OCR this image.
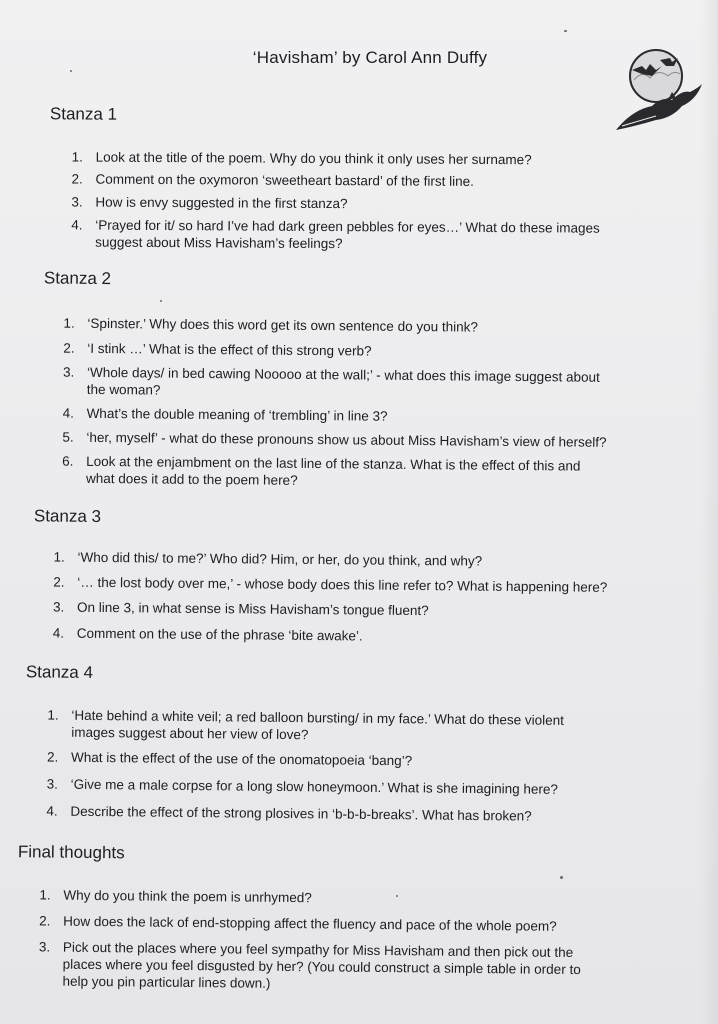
‘Havisham’ by Carol Ann Duffy
Stanza 1
1. Look at the title of the poem. Why do you think it only uses her surname?
2. Comment on the oxymoron ‘sweetheart bastard’ of the first line.
3. How is envy suggested in the first stanza?
4. ‘Prayed for it/ so hard I’ve had dark green pebbles for eyes…’ What do these images
suggest about Miss Havisham’s feelings?
Stanza 2
1. ‘Spinster.’ Why does this word get its own sentence do you think?
2. ‘I stink …’ What is the effect of this strong verb?
3. ‘Whole days/ in bed cawing Nooooo at the wall;’ - what does this image suggest about
the woman?
4. What’s the double meaning of ‘trembling’ in line 3?
5. ‘her, myself’ - what do these pronouns show us about Miss Havisham’s view of herself?
6. Look at the enjambment on the last line of the stanza. What is the effect of this and
what does it add to the poem here?
Stanza 3
1. ‘Who did this/ to me?’ Who did? Him, or her, do you think, and why?
2. ‘… the lost body over me,’ - whose body does this line refer to? What is happening here?
3. On line 3, in what sense is Miss Havisham’s tongue fluent?
4. Comment on the use of the phrase ‘bite awake’.
Stanza 4
1. ‘Hate behind a white veil; a red balloon bursting/ in my face.’ What do these violent
images suggest about her view of love?
2. What is the effect of the use of the onomatopoeia ‘bang’?
3. ‘Give me a male corpse for a long slow honeymoon.’ What is she imagining here?
4. Describe the effect of the strong plosives in ‘b-b-b-breaks’. What has broken?
Final thoughts
1. Why do you think the poem is unrhymed?
2. How does the lack of end-stopping affect the fluency and pace of the whole poem?
3. Pick out the places where you feel sympathy for Miss Havisham and then pick out the
places where you feel disgusted by her? (You could construct a simple table in order to
help you pin particular lines down.)
